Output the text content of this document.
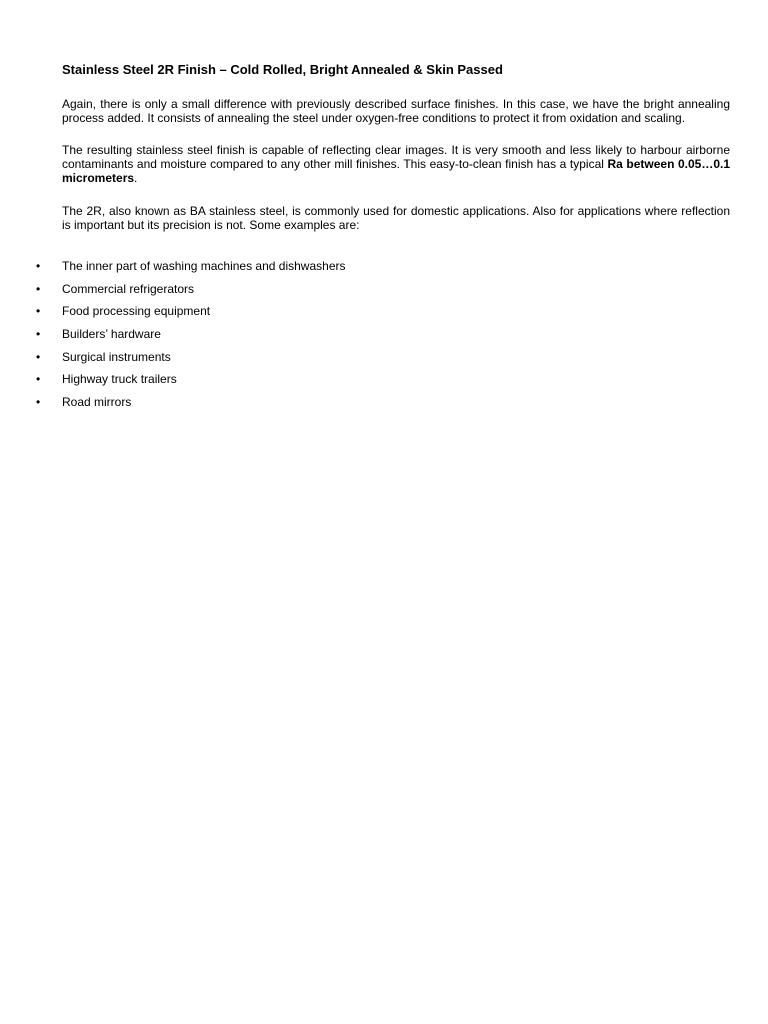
Stainless Steel 2R Finish – Cold Rolled, Bright Annealed & Skin Passed

Again, there is only a small difference with previously described surface finishes. In this case, we have the bright annealing process added. It consists of annealing the steel under oxygen-free conditions to protect it from oxidation and scaling.

The resulting stainless steel finish is capable of reflecting clear images. It is very smooth and less likely to harbour airborne contaminants and moisture compared to any other mill finishes. This easy-to-clean finish has a typical Ra between 0.05…0.1 micrometers.

The 2R, also known as BA stainless steel, is commonly used for domestic applications. Also for applications where reflection is important but its precision is not. Some examples are:

• The inner part of washing machines and dishwashers
• Commercial refrigerators
• Food processing equipment
• Builders’ hardware
• Surgical instruments
• Highway truck trailers
• Road mirrors
